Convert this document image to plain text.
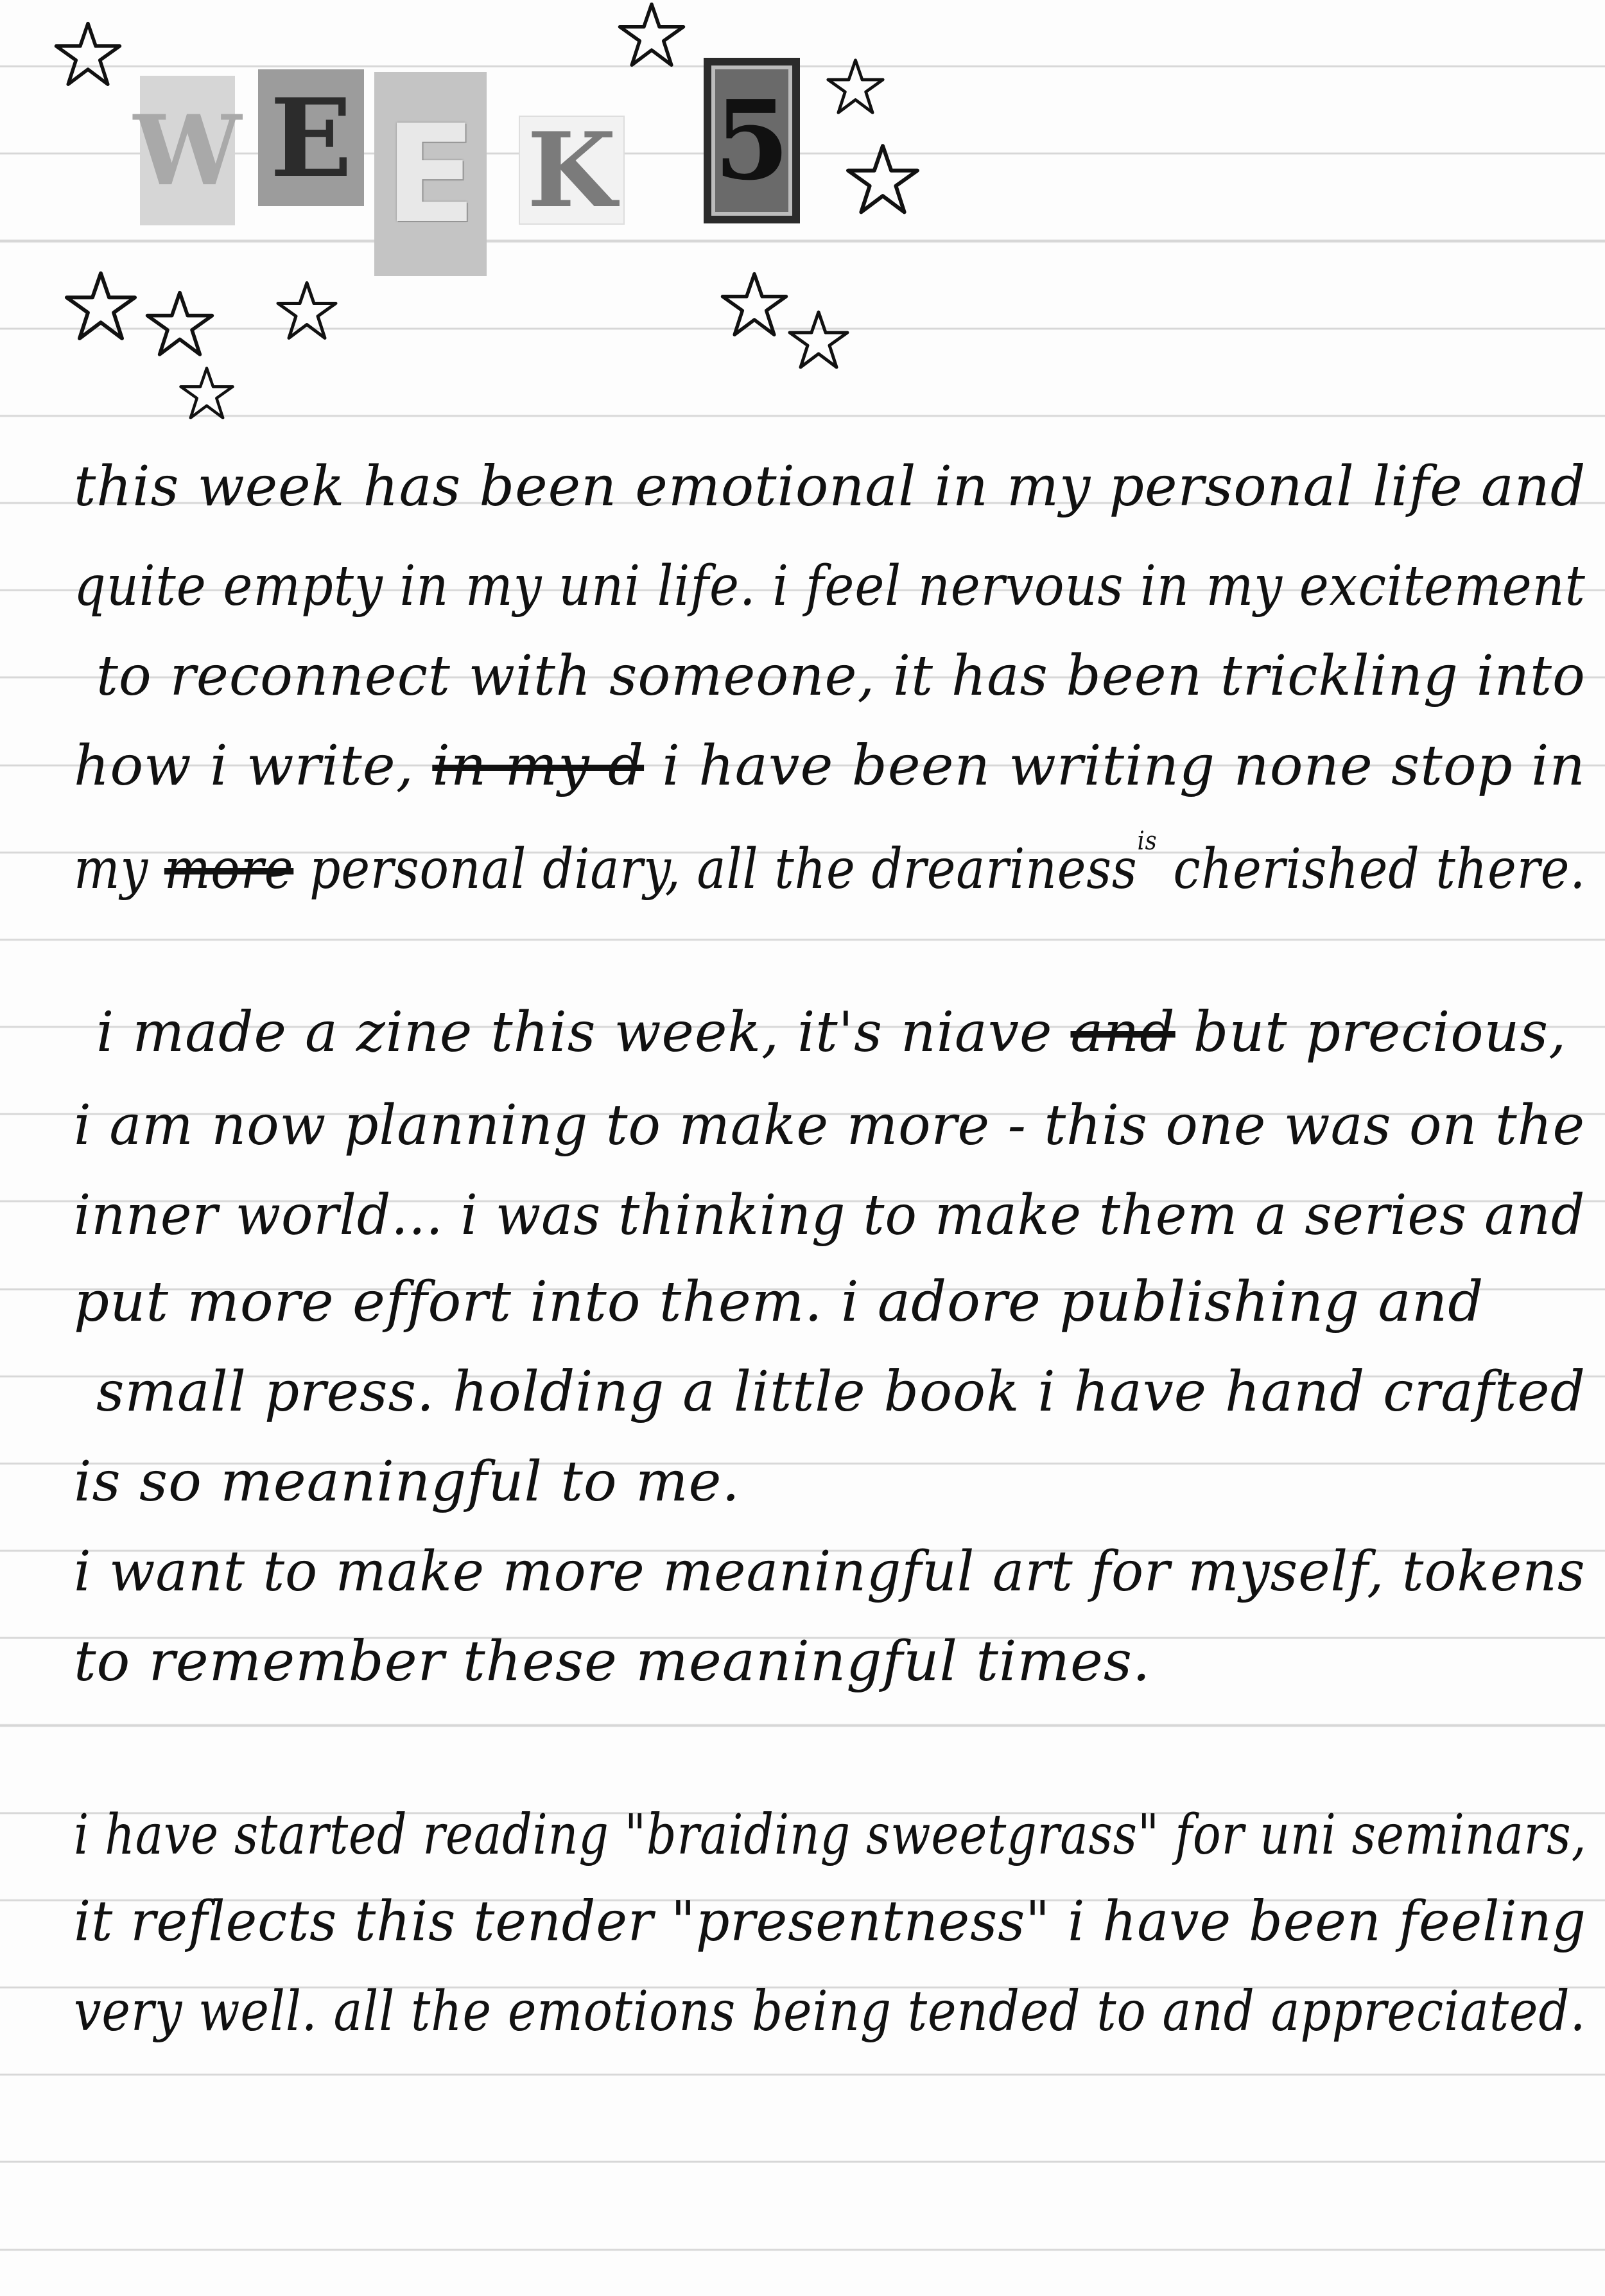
W E E K 5
this week has been emotional in my personal life and
quite empty in my uni life. i feel nervous in my excitement
to reconnect with someone, it has been trickling into
how i write, in my d i have been writing none stop in
my more personal diary, all the dreariness$^{is}$ cherished there.
i made a zine this week, it's niave and but precious,
i am now planning to make more - this one was on the
inner world... i was thinking to make them a series and
put more effort into them. i adore publishing and
small press. holding a little book i have hand crafted
is so meaningful to me.
i want to make more meaningful art for myself, tokens
to remember these meaningful times.
i have started reading "braiding sweetgrass" for uni seminars,
it reflects this tender "presentness" i have been feeling
very well. all the emotions being tended to and appreciated.
